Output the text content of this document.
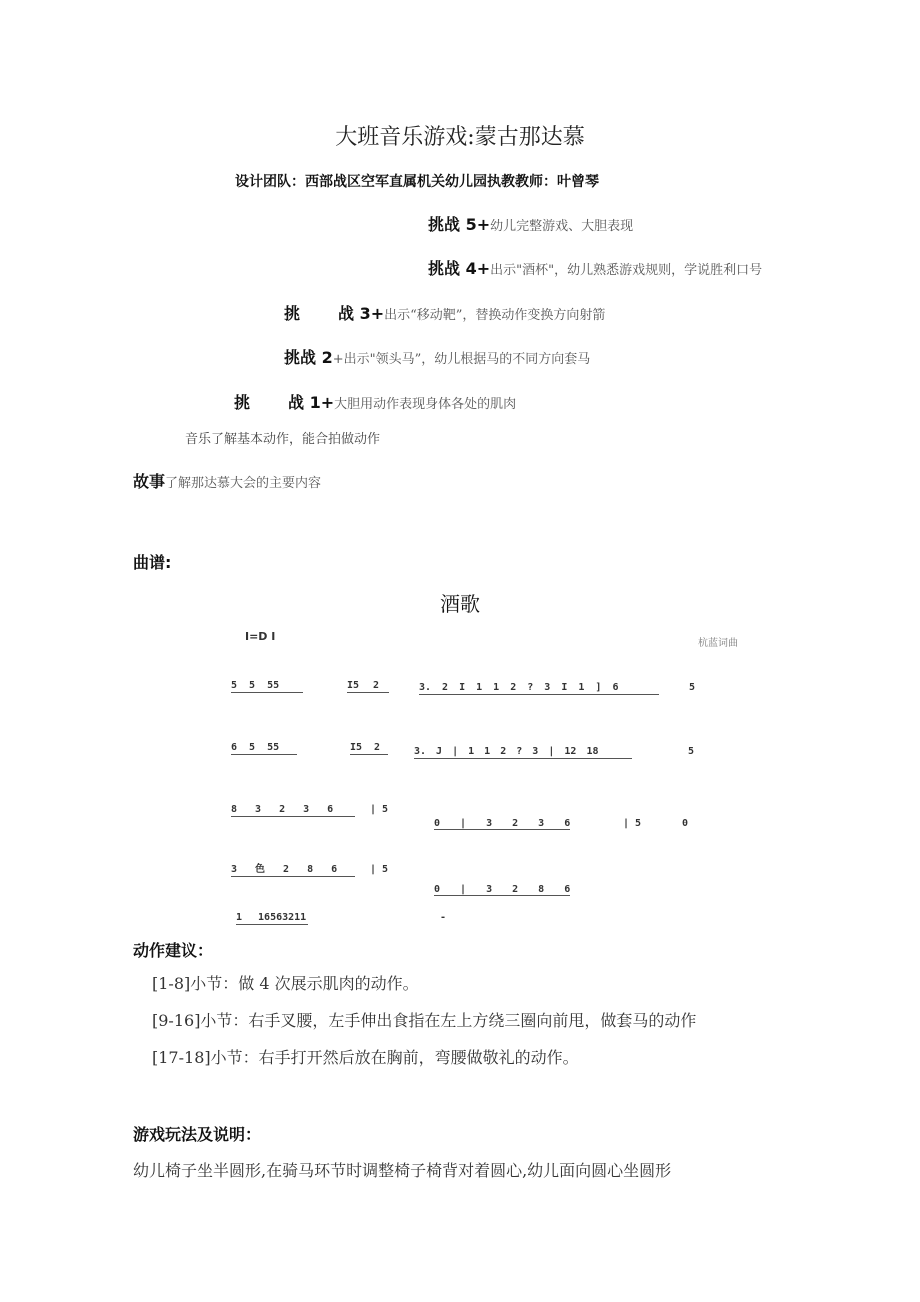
大班音乐游戏:蒙古那达慕
设计团队：西部战区空军直属机关幼儿园执教教师：叶曾琴
挑战 5+幼儿完整游戏、大胆表现
挑战 4+出示"酒杯"，幼儿熟悉游戏规则，学说胜利口号
挑 战 3+出示“移动靶”，替换动作变换方向射箭
挑战 2+出示"领头马”，幼儿根据马的不同方向套马
挑 战 1+大胆用动作表现身体各处的肌肉
音乐了解基本动作，能合拍做动作
故事了解那达慕大会的主要内容
曲谱:
酒歌
I=D I
杭蓝词曲
5 5 55	I5 2	3. 2 I 1 1 2 ? 3 I 1 ] 6	5
6 5 55	I5 2	3. J | 1 1 2 ? 3 | 12 18	5
8 3 2 3 6	| 5
0 | 3 2 3 6	| 5	0
3 色 2 8 6	| 5
0 | 3 2 8 6
1 16563211	-
动作建议：
[1-8]小节：做 4 次展示肌肉的动作。
[9-16]小节：右手叉腰，左手伸出食指在左上方绕三圈向前甩，做套马的动作
[17-18]小节：右手打开然后放在胸前，弯腰做敬礼的动作。
游戏玩法及说明：
幼儿椅子坐半圆形,在骑马环节时调整椅子椅背对着圆心,幼儿面向圆心坐圆形
